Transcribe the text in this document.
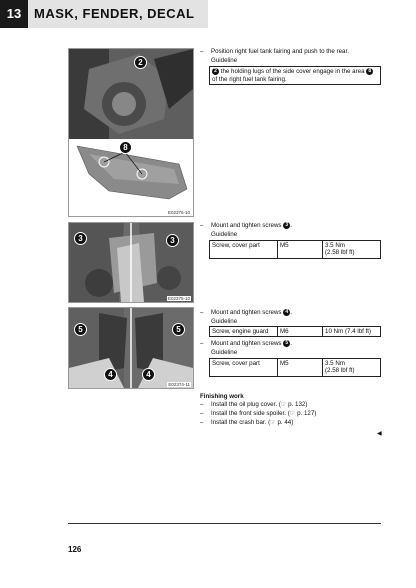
13 MASK, FENDER, DECAL
2
8
E02376-10
3	3
E02375-10
5	5
4	4
E02374-11
– Position right fuel tank fairing and push to the rear.
Guideline
2 the holding lugs of the side cover engage in the area 8 of the right fuel tank fairing.
– Mount and tighten screws 3 .
Guideline
Screw, cover part	M5	3.5 Nm
(2.58 lbf ft)
– Mount and tighten screws 4 .
Guideline
Screw, engine guard	M6	10 Nm (7.4 lbf ft)
– Mount and tighten screws 5 .
Guideline
Screw, cover part	M5	3.5 Nm
(2.58 lbf ft)
Finishing work
– Install the oil plug cover. (☞ p. 132)
– Install the front side spoiler. (☞ p. 127)
– Install the crash bar. (☞ p. 44)
◀
126
